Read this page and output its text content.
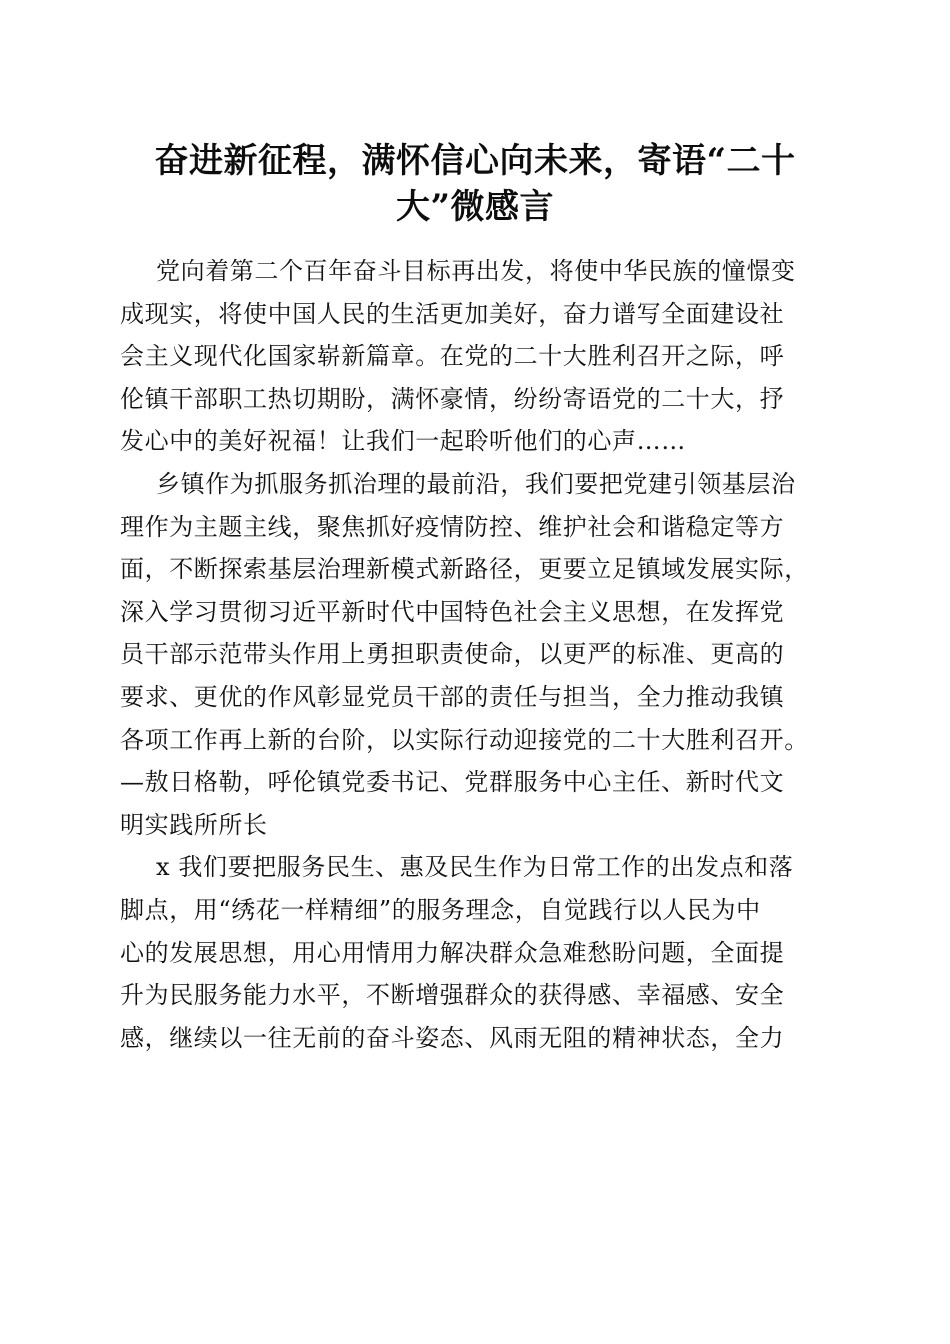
奋进新征程，满怀信心向未来，寄语“二十
大”微感言

党向着第二个百年奋斗目标再出发，将使中华民族的憧憬变
成现实，将使中国人民的生活更加美好，奋力谱写全面建设社
会主义现代化国家崭新篇章。在党的二十大胜利召开之际，呼
伦镇干部职工热切期盼，满怀豪情，纷纷寄语党的二十大，抒
发心中的美好祝福！让我们一起聆听他们的心声……

乡镇作为抓服务抓治理的最前沿，我们要把党建引领基层治
理作为主题主线，聚焦抓好疫情防控、维护社会和谐稳定等方
面，不断探索基层治理新模式新路径，更要立足镇域发展实际，
深入学习贯彻习近平新时代中国特色社会主义思想，在发挥党
员干部示范带头作用上勇担职责使命，以更严的标准、更高的
要求、更优的作风彰显党员干部的责任与担当，全力推动我镇
各项工作再上新的台阶，以实际行动迎接党的二十大胜利召开。
—敖日格勒，呼伦镇党委书记、党群服务中心主任、新时代文
明实践所所长

x 我们要把服务民生、惠及民生作为日常工作的出发点和落
脚点，用“绣花一样精细”的服务理念，自觉践行以人民为中
心的发展思想，用心用情用力解决群众急难愁盼问题，全面提
升为民服务能力水平，不断增强群众的获得感、幸福感、安全
感，继续以一往无前的奋斗姿态、风雨无阻的精神状态，全力
